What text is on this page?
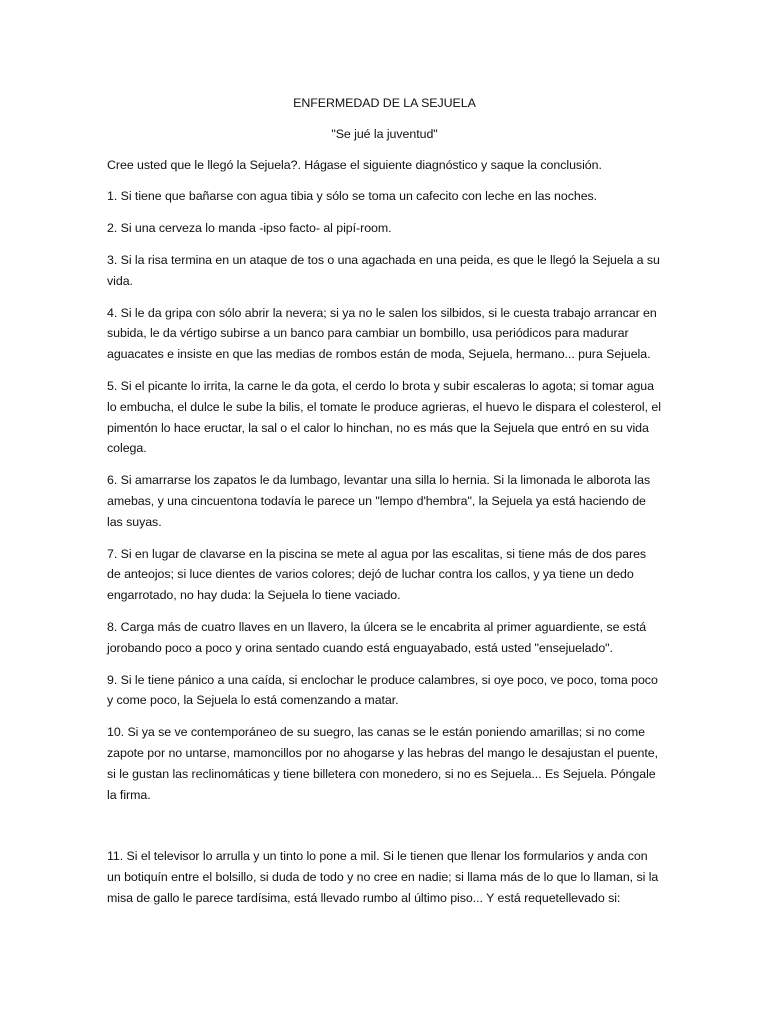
ENFERMEDAD DE LA SEJUELA

"Se jué la juventud"

Cree usted que le llegó la Sejuela?. Hágase el siguiente diagnóstico y saque la conclusión.

1. Si tiene que bañarse con agua tibia y sólo se toma un cafecito con leche en las noches.

2. Si una cerveza lo manda -ipso facto- al pipí-room.

3. Si la risa termina en un ataque de tos o una agachada en una peida, es que le llegó la Sejuela a su vida.

4. Si le da gripa con sólo abrir la nevera; si ya no le salen los silbidos, si le cuesta trabajo arrancar en subida, le da vértigo subirse a un banco para cambiar un bombillo, usa periódicos para madurar aguacates e insiste en que las medias de rombos están de moda, Sejuela, hermano... pura Sejuela.

5. Si el picante lo irrita, la carne le da gota, el cerdo lo brota y subir escaleras lo agota; si tomar agua lo embucha, el dulce le sube la bilis, el tomate le produce agrieras, el huevo le dispara el colesterol, el pimentón lo hace eructar, la sal o el calor lo hinchan, no es más que la Sejuela que entró en su vida colega.

6. Si amarrarse los zapatos le da lumbago, levantar una silla lo hernia. Si la limonada le alborota las amebas, y una cincuentona todavía le parece un "lempo d'hembra", la Sejuela ya está haciendo de las suyas.

7. Si en lugar de clavarse en la piscina se mete al agua por las escalitas, si tiene más de dos pares de anteojos; si luce dientes de varios colores; dejó de luchar contra los callos, y ya tiene un dedo engarrotado, no hay duda: la Sejuela lo tiene vaciado.

8. Carga más de cuatro llaves en un llavero, la úlcera se le encabrita al primer aguardiente, se está jorobando poco a poco y orina sentado cuando está enguayabado, está usted "ensejuelado".

9. Si le tiene pánico a una caída, si enclochar le produce calambres, si oye poco, ve poco, toma poco y come poco, la Sejuela lo está comenzando a matar.

10. Si ya se ve contemporáneo de su suegro, las canas se le están poniendo amarillas; si no come zapote por no untarse, mamoncillos por no ahogarse y las hebras del mango le desajustan el puente, si le gustan las reclinomáticas y tiene billetera con monedero, si no es Sejuela... Es Sejuela. Póngale la firma.

11. Si el televisor lo arrulla y un tinto lo pone a mil. Si le tienen que llenar los formularios y anda con un botiquín entre el bolsillo, si duda de todo y no cree en nadie; si llama más de lo que lo llaman, si la misa de gallo le parece tardísima, está llevado rumbo al último piso... Y está requetellevado si:
